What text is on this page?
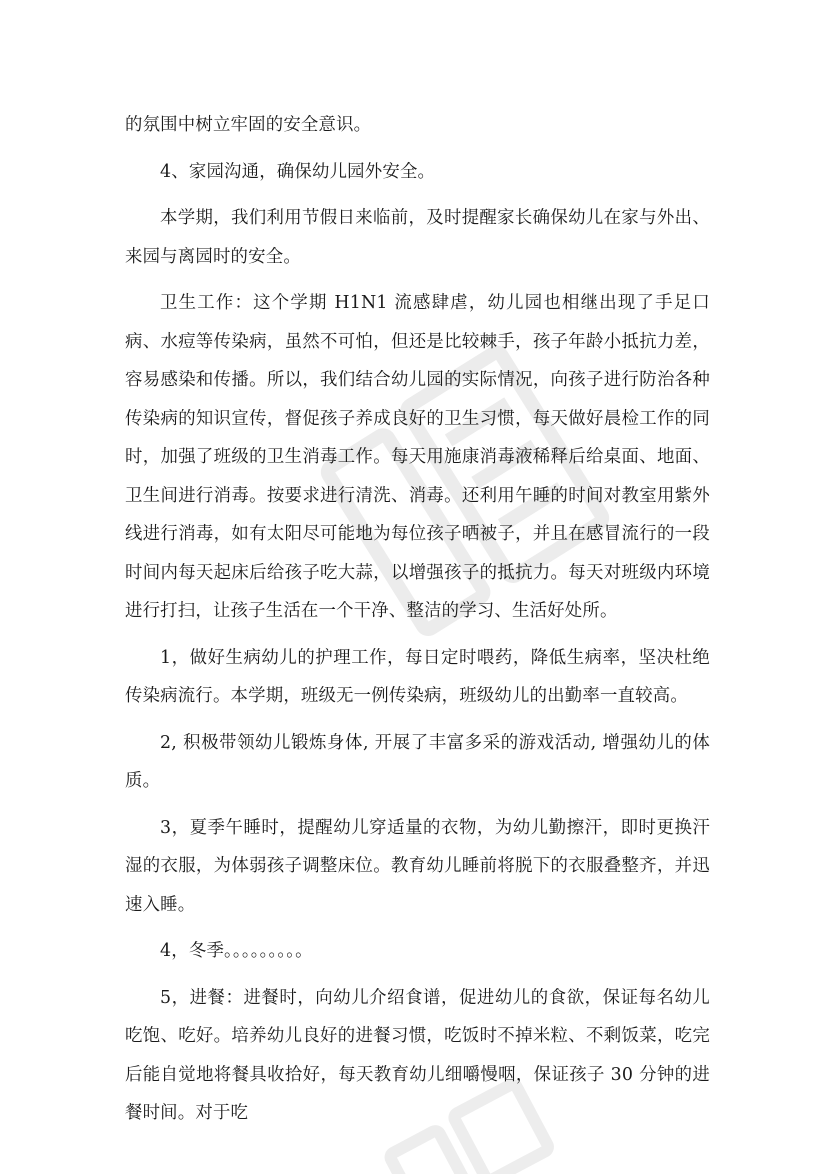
的氛围中树立牢固的安全意识。

4、家园沟通，确保幼儿园外安全。

本学期，我们利用节假日来临前，及时提醒家长确保幼儿在家与外出、来园与离园时的安全。

卫生工作：这个学期 H1N1 流感肆虐，幼儿园也相继出现了手足口病、水痘等传染病，虽然不可怕，但还是比较棘手，孩子年龄小抵抗力差，容易感染和传播。所以，我们结合幼儿园的实际情况，向孩子进行防治各种传染病的知识宣传，督促孩子养成良好的卫生习惯，每天做好晨检工作的同时，加强了班级的卫生消毒工作。每天用施康消毒液稀释后给桌面、地面、卫生间进行消毒。按要求进行清洗、消毒。还利用午睡的时间对教室用紫外线进行消毒，如有太阳尽可能地为每位孩子晒被子，并且在感冒流行的一段时间内每天起床后给孩子吃大蒜，以增强孩子的抵抗力。每天对班级内环境进行打扫，让孩子生活在一个干净、整洁的学习、生活好处所。

1，做好生病幼儿的护理工作，每日定时喂药，降低生病率，坚决杜绝传染病流行。本学期，班级无一例传染病，班级幼儿的出勤率一直较高。

2, 积极带领幼儿锻炼身体, 开展了丰富多采的游戏活动, 增强幼儿的体质。

3，夏季午睡时，提醒幼儿穿适量的衣物，为幼儿勤擦汗，即时更换汗湿的衣服，为体弱孩子调整床位。教育幼儿睡前将脱下的衣服叠整齐，并迅速入睡。

4，冬季。。。。。。。。。

5，进餐：进餐时，向幼儿介绍食谱，促进幼儿的食欲，保证每名幼儿吃饱、吃好。培养幼儿良好的进餐习惯，吃饭时不掉米粒、不剩饭菜，吃完后能自觉地将餐具收拾好，每天教育幼儿细嚼慢咽，保证孩子 30 分钟的进餐时间。对于吃
